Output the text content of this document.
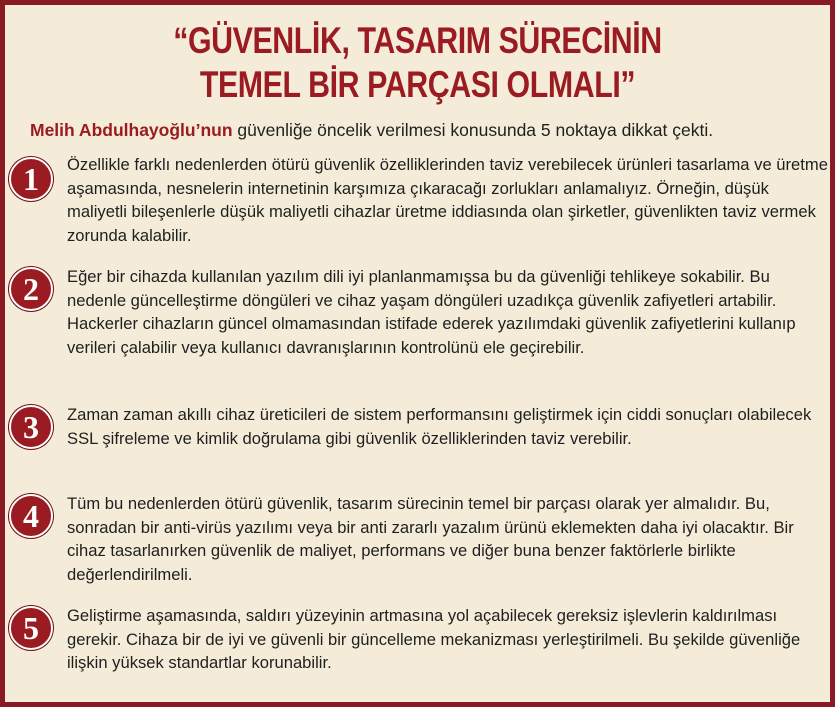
“GÜVENLİK, TASARIM SÜRECİNİN
TEMEL BİR PARÇASI OLMALI”
Melih Abdulhayoğlu’nun güvenliğe öncelik verilmesi konusunda 5 noktaya dikkat çekti.
1	Özellikle farklı nedenlerden ötürü güvenlik özelliklerinden taviz verebilecek ürünleri tasarlama ve üretme aşamasında, nesnelerin internetinin karşımıza çıkaracağı zorlukları anlamalıyız. Örneğin, düşük maliyetli bileşenlerle düşük maliyetli cihazlar üretme iddiasında olan şirketler, güvenlikten taviz vermek zorunda kalabilir.
2	Eğer bir cihazda kullanılan yazılım dili iyi planlanmamışsa bu da güvenliği tehlikeye sokabilir. Bu nedenle güncelleştirme döngüleri ve cihaz yaşam döngüleri uzadıkça güvenlik zafiyetleri artabilir. Hackerler cihazların güncel olmamasından istifade ederek yazılımdaki güvenlik zafiyetlerini kullanıp verileri çalabilir veya kullanıcı davranışlarının kontrolünü ele geçirebilir.
3	Zaman zaman akıllı cihaz üreticileri de sistem performansını geliştirmek için ciddi sonuçları olabilecek SSL şifreleme ve kimlik doğrulama gibi güvenlik özelliklerinden taviz verebilir.
4	Tüm bu nedenlerden ötürü güvenlik, tasarım sürecinin temel bir parçası olarak yer almalıdır. Bu, sonradan bir anti-virüs yazılımı veya bir anti zararlı yazalım ürünü eklemekten daha iyi olacaktır. Bir cihaz tasarlanırken güvenlik de maliyet, performans ve diğer buna benzer faktörlerle birlikte değerlendirilmeli.
5	Geliştirme aşamasında, saldırı yüzeyinin artmasına yol açabilecek gereksiz işlevlerin kaldırılması gerekir. Cihaza bir de iyi ve güvenli bir güncelleme mekanizması yerleştirilmeli. Bu şekilde güvenliğe ilişkin yüksek standartlar korunabilir.
